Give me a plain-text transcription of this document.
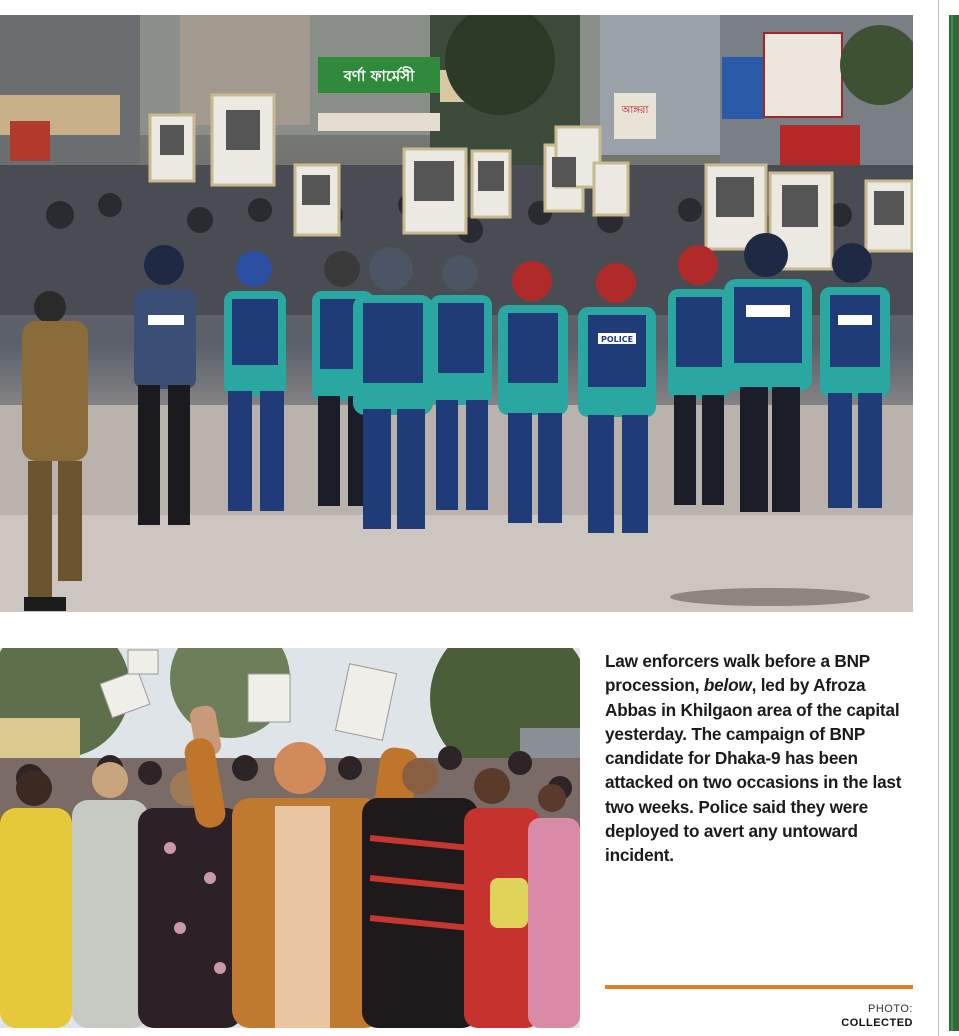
বর্ণা ফার্মেসী
আঙ্গরা
POLICE
Law enforcers walk before a BNP procession, below, led by Afroza Abbas in Khilgaon area of the capital yesterday. The campaign of BNP candidate for Dhaka-9 has been attacked on two occasions in the last two weeks. Police said they were deployed to avert any untoward incident.
PHOTO:
COLLECTED
